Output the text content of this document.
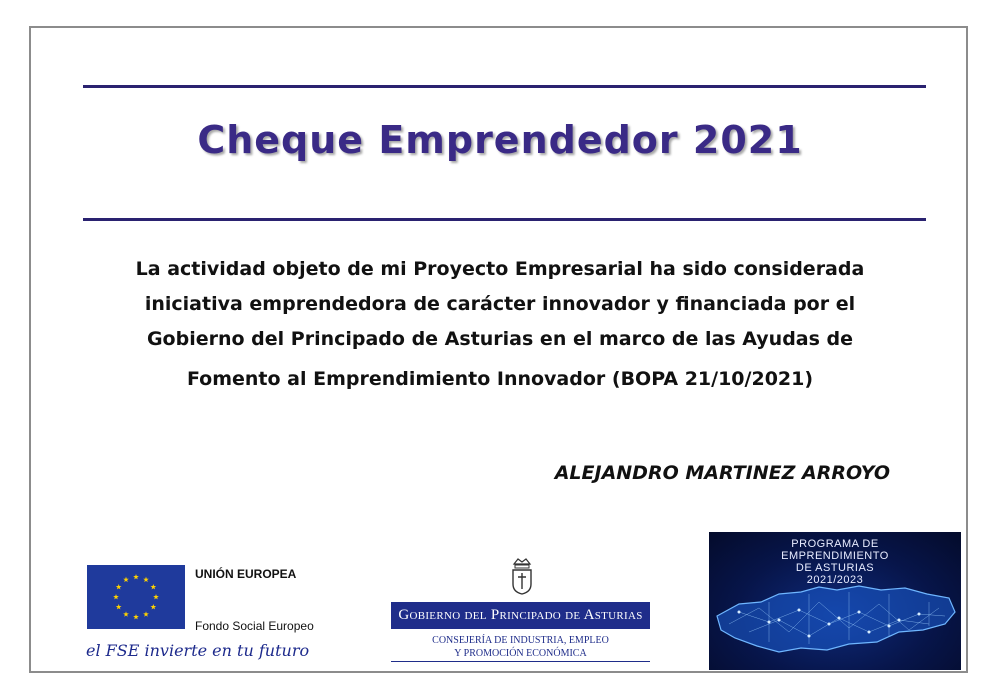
Cheque Emprendedor 2021
La actividad objeto de mi Proyecto Empresarial ha sido considerada
iniciativa emprendedora de carácter innovador y financiada por el
Gobierno del Principado de Asturias en el marco de las Ayudas de
Fomento al Emprendimiento Innovador (BOPA 21/10/2021)
ALEJANDRO MARTINEZ ARROYO
UNIÓN EUROPEA
Fondo Social Europeo
el FSE invierte en tu futuro
Gobierno del Principado de Asturias
CONSEJERÍA DE INDUSTRIA, EMPLEO
Y PROMOCIÓN ECONÓMICA
PROGRAMA DE
EMPRENDIMIENTO
DE ASTURIAS
2021/2023
